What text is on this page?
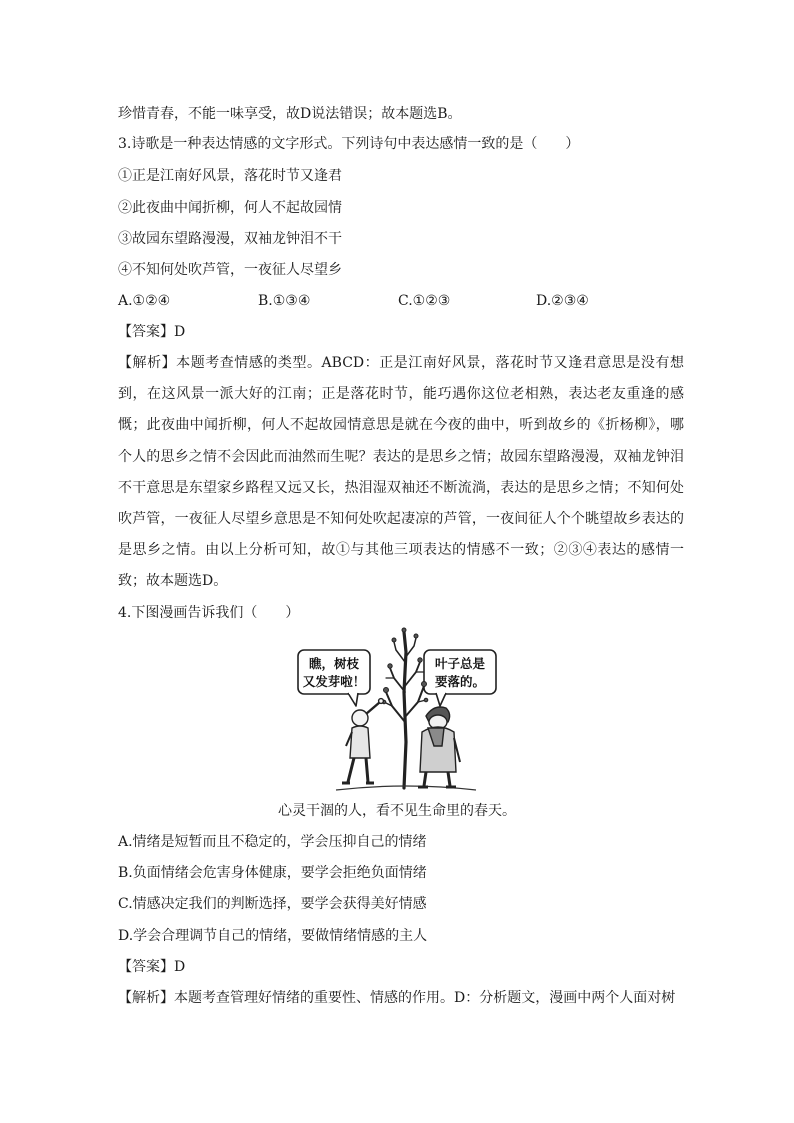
珍惜青春，不能一味享受，故D说法错误；故本题选B。
3.诗歌是一种表达情感的文字形式。下列诗句中表达感情一致的是（　　）
①正是江南好风景，落花时节又逢君
②此夜曲中闻折柳，何人不起故园情
③故园东望路漫漫，双袖龙钟泪不干
④不知何处吹芦管，一夜征人尽望乡
A.①②④	B.①③④	C.①②③	D.②③④
【答案】D
【解析】本题考查情感的类型。ABCD：正是江南好风景，落花时节又逢君意思是没有想到，在这风景一派大好的江南；正是落花时节，能巧遇你这位老相熟，表达老友重逢的感慨；此夜曲中闻折柳，何人不起故园情意思是就在今夜的曲中，听到故乡的《折杨柳》，哪个人的思乡之情不会因此而油然而生呢？表达的是思乡之情；故园东望路漫漫，双袖龙钟泪不干意思是东望家乡路程又远又长，热泪湿双袖还不断流淌，表达的是思乡之情；不知何处吹芦管，一夜征人尽望乡意思是不知何处吹起凄凉的芦管，一夜间征人个个眺望故乡表达的是思乡之情。由以上分析可知，故①与其他三项表达的情感不一致；②③④表达的感情一致；故本题选D。
4.下图漫画告诉我们（　　）
瞧，树枝
又发芽啦！
叶子总是
要落的。
心灵干涸的人，看不见生命里的春天。
A.情绪是短暂而且不稳定的，学会压抑自己的情绪
B.负面情绪会危害身体健康，要学会拒绝负面情绪
C.情感决定我们的判断选择，要学会获得美好情感
D.学会合理调节自己的情绪，要做情绪情感的主人
【答案】D
【解析】本题考查管理好情绪的重要性、情感的作用。D：分析题文，漫画中两个人面对树
